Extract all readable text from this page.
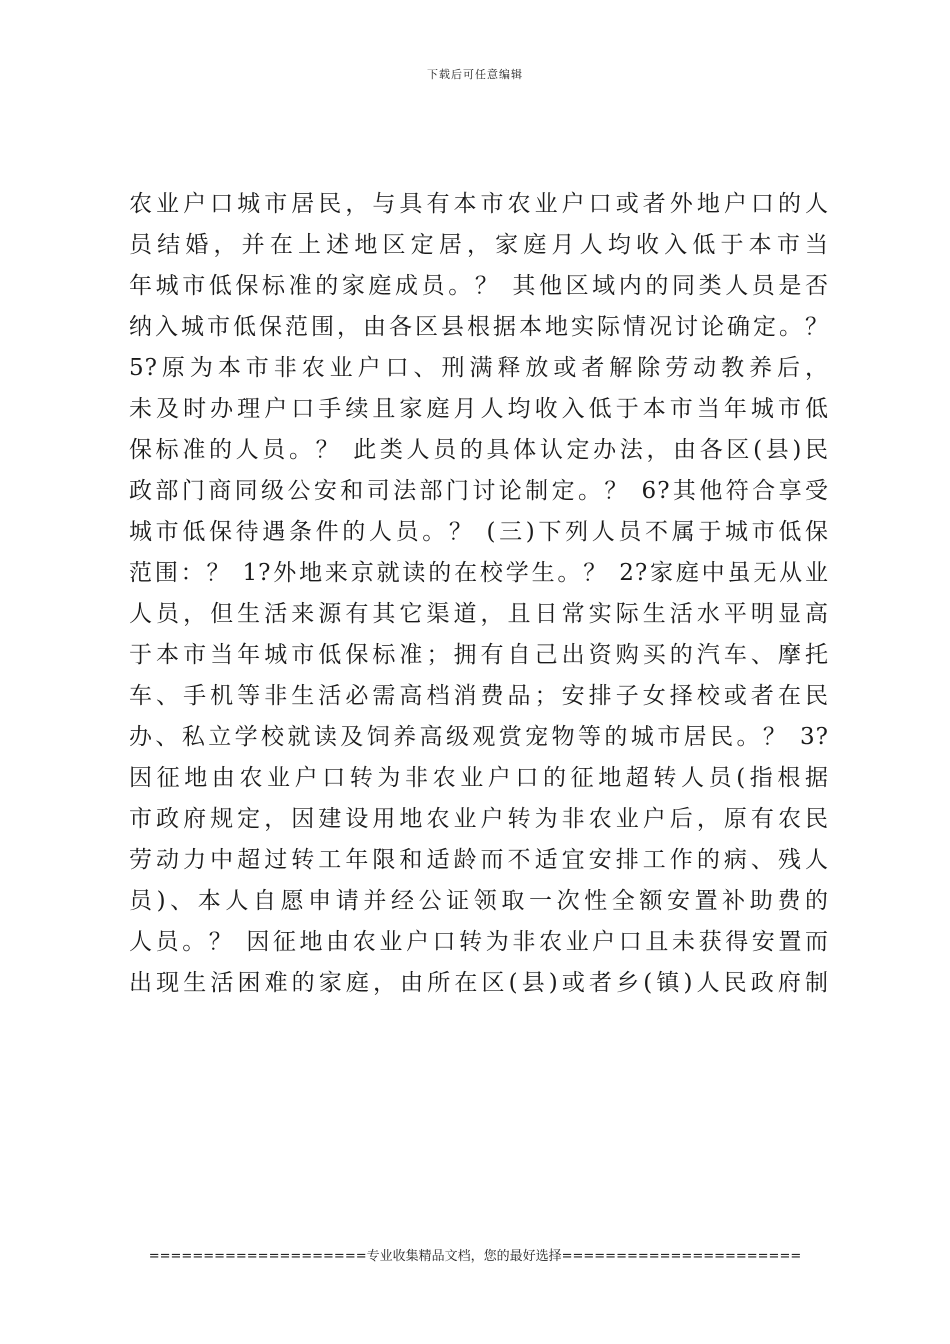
下载后可任意编辑
农业户口城市居民，与具有本市农业户口或者外地户口的人
员结婚，并在上述地区定居，家庭月人均收入低于本市当
年城市低保标准的家庭成员。？ 其他区域内的同类人员是否
纳入城市低保范围，由各区县根据本地实际情况讨论确定。？
5?原为本市非农业户口、刑满释放或者解除劳动教养后，
未及时办理户口手续且家庭月人均收入低于本市当年城市低
保标准的人员。？ 此类人员的具体认定办法，由各区(县)民
政部门商同级公安和司法部门讨论制定。？ 6?其他符合享受
城市低保待遇条件的人员。？ (三)下列人员不属于城市低保
范围：？ 1?外地来京就读的在校学生。？ 2?家庭中虽无从业
人员，但生活来源有其它渠道，且日常实际生活水平明显高
于本市当年城市低保标准；拥有自己出资购买的汽车、摩托
车、手机等非生活必需高档消费品；安排子女择校或者在民
办、私立学校就读及饲养高级观赏宠物等的城市居民。？ 3?
因征地由农业户口转为非农业户口的征地超转人员(指根据
市政府规定，因建设用地农业户转为非农业户后，原有农民
劳动力中超过转工年限和适龄而不适宜安排工作的病、残人
员)、本人自愿申请并经公证领取一次性全额安置补助费的
人员。？ 因征地由农业户口转为非农业户口且未获得安置而
出现生活困难的家庭，由所在区(县)或者乡(镇)人民政府制
====================专业收集精品文档，您的最好选择======================
